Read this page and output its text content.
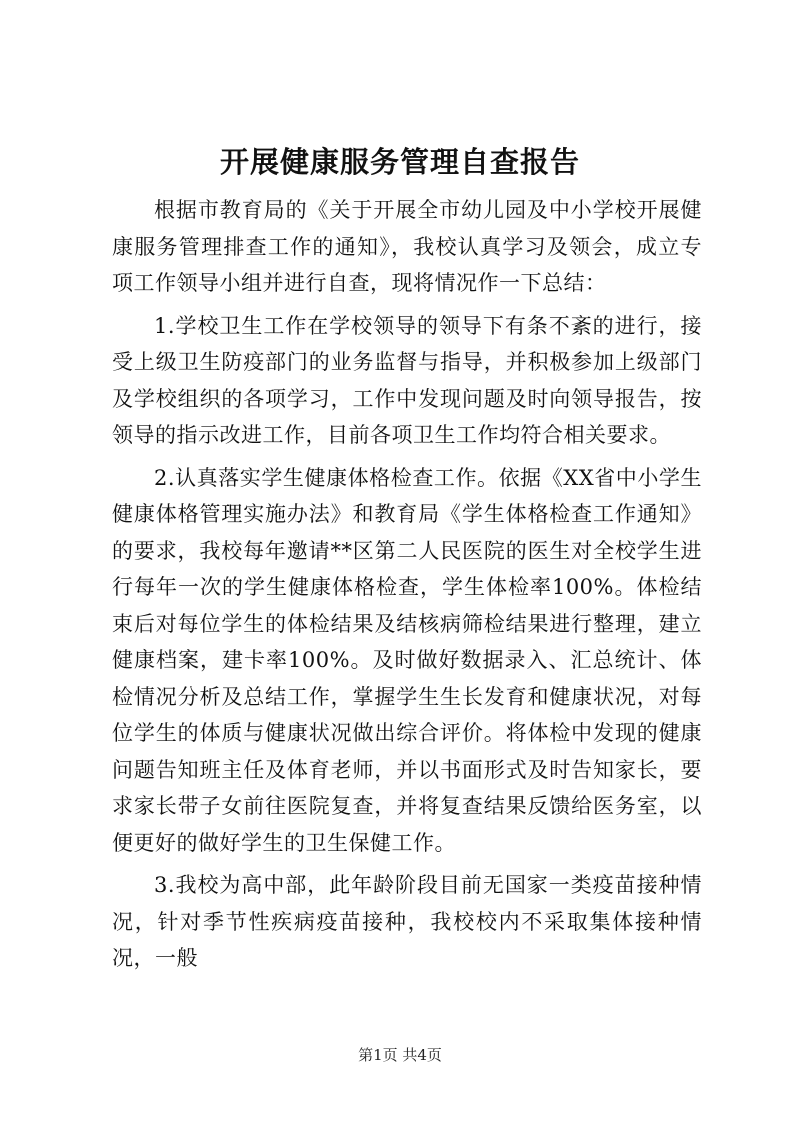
开展健康服务管理自查报告

根据市教育局的《关于开展全市幼儿园及中小学校开展健康服务管理排查工作的通知》，我校认真学习及领会，成立专项工作领导小组并进行自查，现将情况作一下总结：

1.学校卫生工作在学校领导的领导下有条不紊的进行，接受上级卫生防疫部门的业务监督与指导，并积极参加上级部门及学校组织的各项学习，工作中发现问题及时向领导报告，按领导的指示改进工作，目前各项卫生工作均符合相关要求。

2.认真落实学生健康体格检查工作。依据《XX省中小学生健康体格管理实施办法》和教育局《学生体格检查工作通知》的要求，我校每年邀请**区第二人民医院的医生对全校学生进行每年一次的学生健康体格检查，学生体检率100%。体检结束后对每位学生的体检结果及结核病筛检结果进行整理，建立健康档案，建卡率100%。及时做好数据录入、汇总统计、体检情况分析及总结工作，掌握学生生长发育和健康状况，对每位学生的体质与健康状况做出综合评价。将体检中发现的健康问题告知班主任及体育老师，并以书面形式及时告知家长，要求家长带子女前往医院复查，并将复查结果反馈给医务室，以便更好的做好学生的卫生保健工作。

3.我校为高中部，此年龄阶段目前无国家一类疫苗接种情况，针对季节性疾病疫苗接种，我校校内不采取集体接种情况，一般

第1页 共4页
